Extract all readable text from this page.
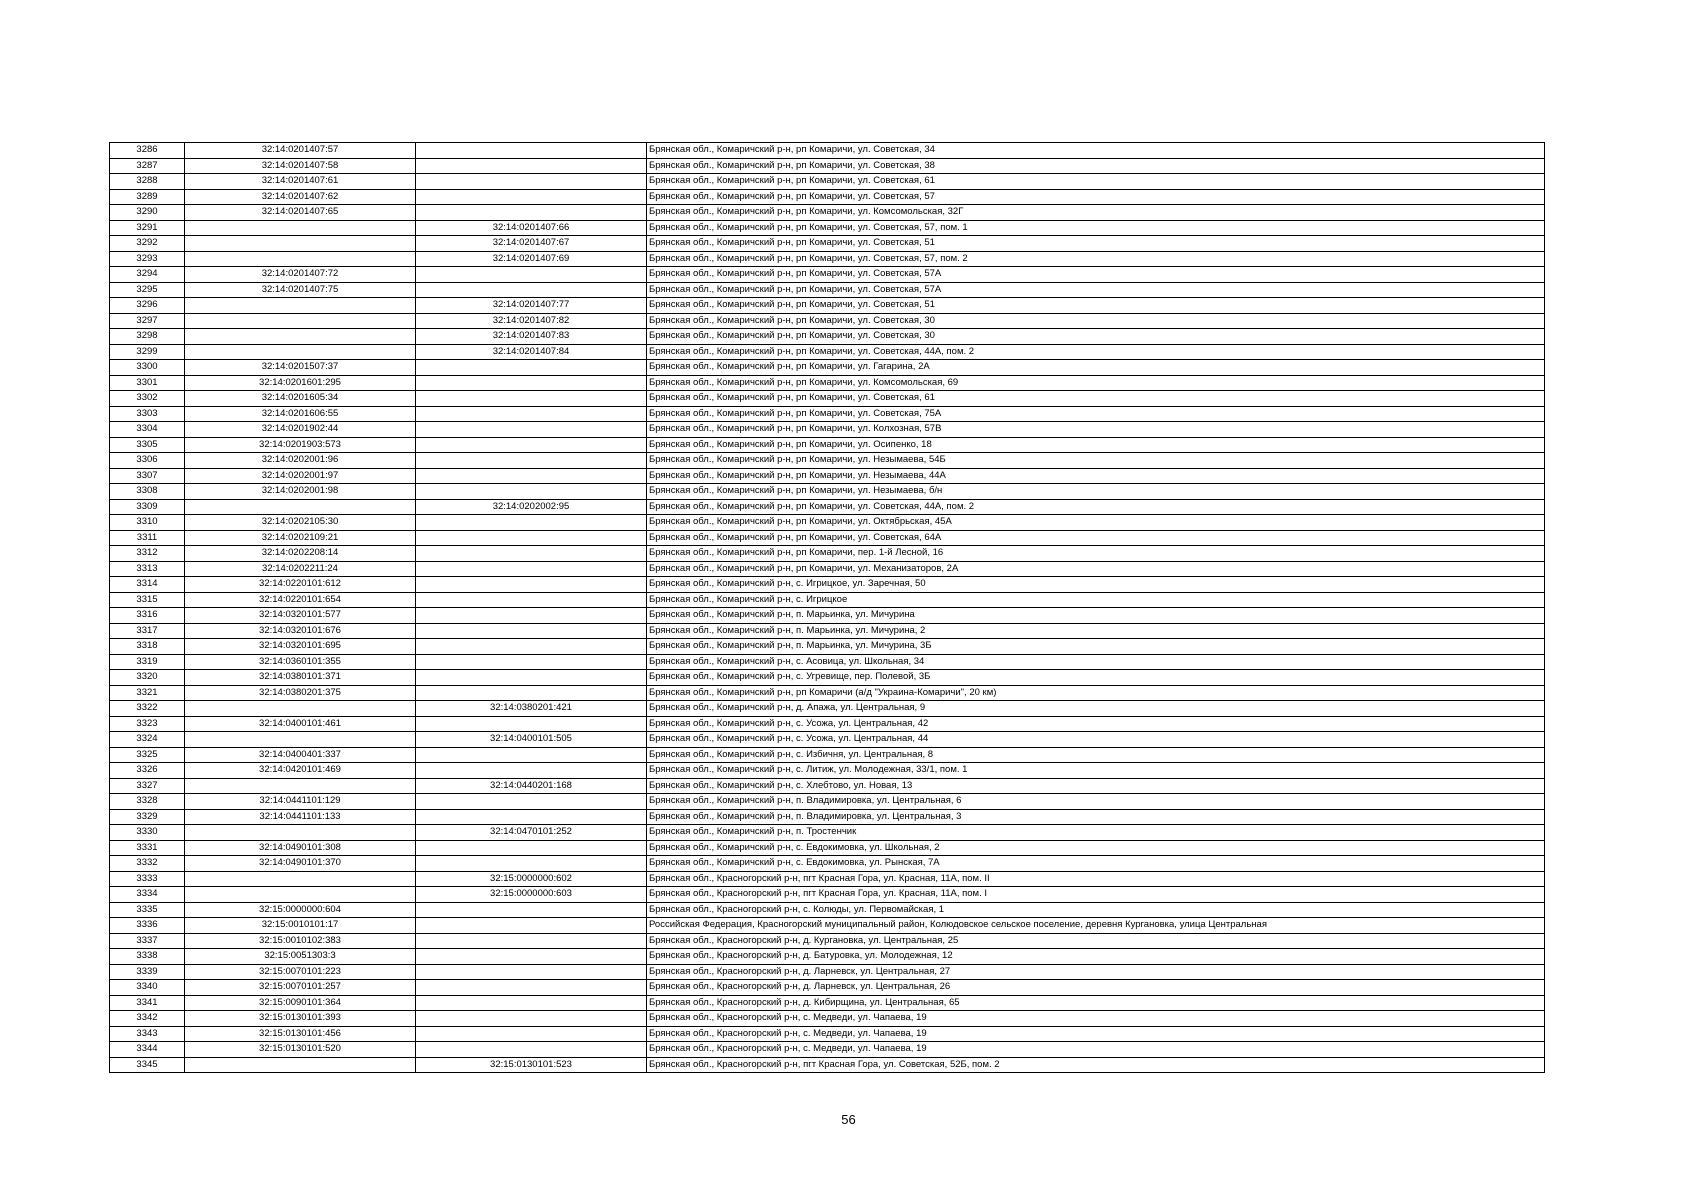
3286	32:14:0201407:57		Брянская обл., Комаричский р-н, рп Комаричи, ул. Советская, 34
3287	32:14:0201407:58		Брянская обл., Комаричский р-н, рп Комаричи, ул. Советская, 38
3288	32:14:0201407:61		Брянская обл., Комаричский р-н, рп Комаричи, ул. Советская, 61
3289	32:14:0201407:62		Брянская обл., Комаричский р-н, рп Комаричи, ул. Советская, 57
3290	32:14:0201407:65		Брянская обл., Комаричский р-н, рп Комаричи, ул. Комсомольская, 32Г
3291		32:14:0201407:66	Брянская обл., Комаричский р-н, рп Комаричи, ул. Советская, 57, пом. 1
3292		32:14:0201407:67	Брянская обл., Комаричский р-н, рп Комаричи, ул. Советская, 51
3293		32:14:0201407:69	Брянская обл., Комаричский р-н, рп Комаричи, ул. Советская, 57, пом. 2
3294	32:14:0201407:72		Брянская обл., Комаричский р-н, рп Комаричи, ул. Советская, 57А
3295	32:14:0201407:75		Брянская обл., Комаричский р-н, рп Комаричи, ул. Советская, 57А
3296		32:14:0201407:77	Брянская обл., Комаричский р-н, рп Комаричи, ул. Советская, 51
3297		32:14:0201407:82	Брянская обл., Комаричский р-н, рп Комаричи, ул. Советская, 30
3298		32:14:0201407:83	Брянская обл., Комаричский р-н, рп Комаричи, ул. Советская, 30
3299		32:14:0201407:84	Брянская обл., Комаричский р-н, рп Комаричи, ул. Советская, 44А, пом. 2
3300	32:14:0201507:37		Брянская обл., Комаричский р-н, рп Комаричи, ул. Гагарина, 2А
3301	32:14:0201601:295		Брянская обл., Комаричский р-н, рп Комаричи, ул. Комсомольская, 69
3302	32:14:0201605:34		Брянская обл., Комаричский р-н, рп Комаричи, ул. Советская, 61
3303	32:14:0201606:55		Брянская обл., Комаричский р-н, рп Комаричи, ул. Советская, 75А
3304	32:14:0201902:44		Брянская обл., Комаричский р-н, рп Комаричи, ул. Колхозная, 57В
3305	32:14:0201903:573		Брянская обл., Комаричский р-н, рп Комаричи, ул. Осипенко, 18
3306	32:14:0202001:96		Брянская обл., Комаричский р-н, рп Комаричи, ул. Незымаева, 54Б
3307	32:14:0202001:97		Брянская обл., Комаричский р-н, рп Комаричи, ул. Незымаева, 44А
3308	32:14:0202001:98		Брянская обл., Комаричский р-н, рп Комаричи, ул. Незымаева, б/н
3309		32:14:0202002:95	Брянская обл., Комаричский р-н, рп Комаричи, ул. Советская, 44А, пом. 2
3310	32:14:0202105:30		Брянская обл., Комаричский р-н, рп Комаричи, ул. Октябрьская, 45А
3311	32:14:0202109:21		Брянская обл., Комаричский р-н, рп Комаричи, ул. Советская, 64А
3312	32:14:0202208:14		Брянская обл., Комаричский р-н, рп Комаричи, пер. 1-й Лесной, 16
3313	32:14:0202211:24		Брянская обл., Комаричский р-н, рп Комаричи, ул. Механизаторов, 2А
3314	32:14:0220101:612		Брянская обл., Комаричский р-н, с. Игрицкое, ул. Заречная, 50
3315	32:14:0220101:654		Брянская обл., Комаричский р-н, с. Игрицкое
3316	32:14:0320101:577		Брянская обл., Комаричский р-н, п. Марьинка, ул. Мичурина
3317	32:14:0320101:676		Брянская обл., Комаричский р-н, п. Марьинка, ул. Мичурина, 2
3318	32:14:0320101:695		Брянская обл., Комаричский р-н, п. Марьинка, ул. Мичурина, 3Б
3319	32:14:0360101:355		Брянская обл., Комаричский р-н, с. Асовица, ул. Школьная, 34
3320	32:14:0380101:371		Брянская обл., Комаричский р-н, с. Угревище, пер. Полевой, 3Б
3321	32:14:0380201:375		Брянская обл., Комаричский р-н, рп Комаричи (а/д "Украина-Комаричи", 20 км)
3322		32:14:0380201:421	Брянская обл., Комаричский р-н, д. Апажа, ул. Центральная, 9
3323	32:14:0400101:461		Брянская обл., Комаричский р-н, с. Усожа, ул. Центральная, 42
3324		32:14:0400101:505	Брянская обл., Комаричский р-н, с. Усожа, ул. Центральная, 44
3325	32:14:0400401:337		Брянская обл., Комаричский р-н, с. Избичня, ул. Центральная, 8
3326	32:14:0420101:469		Брянская обл., Комаричский р-н, с. Литиж, ул. Молодежная, 33/1, пом. 1
3327		32:14:0440201:168	Брянская обл., Комаричский р-н, с. Хлебтово, ул. Новая, 13
3328	32:14:0441101:129		Брянская обл., Комаричский р-н, п. Владимировка, ул. Центральная, 6
3329	32:14:0441101:133		Брянская обл., Комаричский р-н, п. Владимировка, ул. Центральная, 3
3330		32:14:0470101:252	Брянская обл., Комаричский р-н, п. Тростенчик
3331	32:14:0490101:308		Брянская обл., Комаричский р-н, с. Евдокимовка, ул. Школьная, 2
3332	32:14:0490101:370		Брянская обл., Комаричский р-н, с. Евдокимовка, ул. Рынская, 7А
3333		32:15:0000000:602	Брянская обл., Красногорский р-н, пгт Красная Гора, ул. Красная, 11А, пом. II
3334		32:15:0000000:603	Брянская обл., Красногорский р-н, пгт Красная Гора, ул. Красная, 11А, пом. I
3335	32:15:0000000:604		Брянская обл., Красногорский р-н, с. Колюды, ул. Первомайская, 1
3336	32:15:0010101:17		Российская Федерация, Красногорский муниципальный район, Колюдовское сельское поселение, деревня Кургановка, улица Центральная
3337	32:15:0010102:383		Брянская обл., Красногорский р-н, д. Кургановка, ул. Центральная, 25
3338	32:15:0051303:3		Брянская обл., Красногорский р-н, д. Батуровка, ул. Молодежная, 12
3339	32:15:0070101:223		Брянская обл., Красногорский р-н, д. Ларневск, ул. Центральная, 27
3340	32:15:0070101:257		Брянская обл., Красногорский р-н, д. Ларневск, ул. Центральная, 26
3341	32:15:0090101:364		Брянская обл., Красногорский р-н, д. Кибирщина, ул. Центральная, 65
3342	32:15:0130101:393		Брянская обл., Красногорский р-н, с. Медведи, ул. Чапаева, 19
3343	32:15:0130101:456		Брянская обл., Красногорский р-н, с. Медведи, ул. Чапаева, 19
3344	32:15:0130101:520		Брянская обл., Красногорский р-н, с. Медведи, ул. Чапаева, 19
3345		32:15:0130101:523	Брянская обл., Красногорский р-н, пгт Красная Гора, ул. Советская, 52Б, пом. 2
56
